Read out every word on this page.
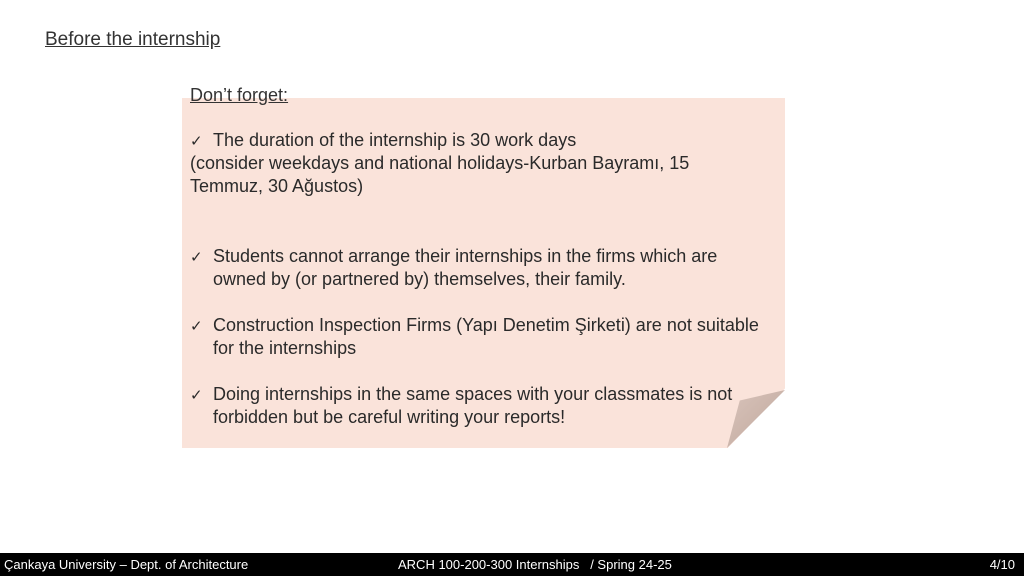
Before the internship
Don’t forget:
✓ The duration of the internship is 30 work days
(consider weekdays and national holidays-Kurban Bayramı, 15
Temmuz, 30 Ağustos)
✓ Students cannot arrange their internships in the firms which are owned by (or partnered by) themselves, their family.
✓ Construction Inspection Firms (Yapı Denetim Şirketi) are not suitable for the internships
✓ Doing internships in the same spaces with your classmates is not forbidden but be careful writing your reports!
Çankaya University – Dept. of Architecture	ARCH 100-200-300 Internships   / Spring 24-25	4/10
